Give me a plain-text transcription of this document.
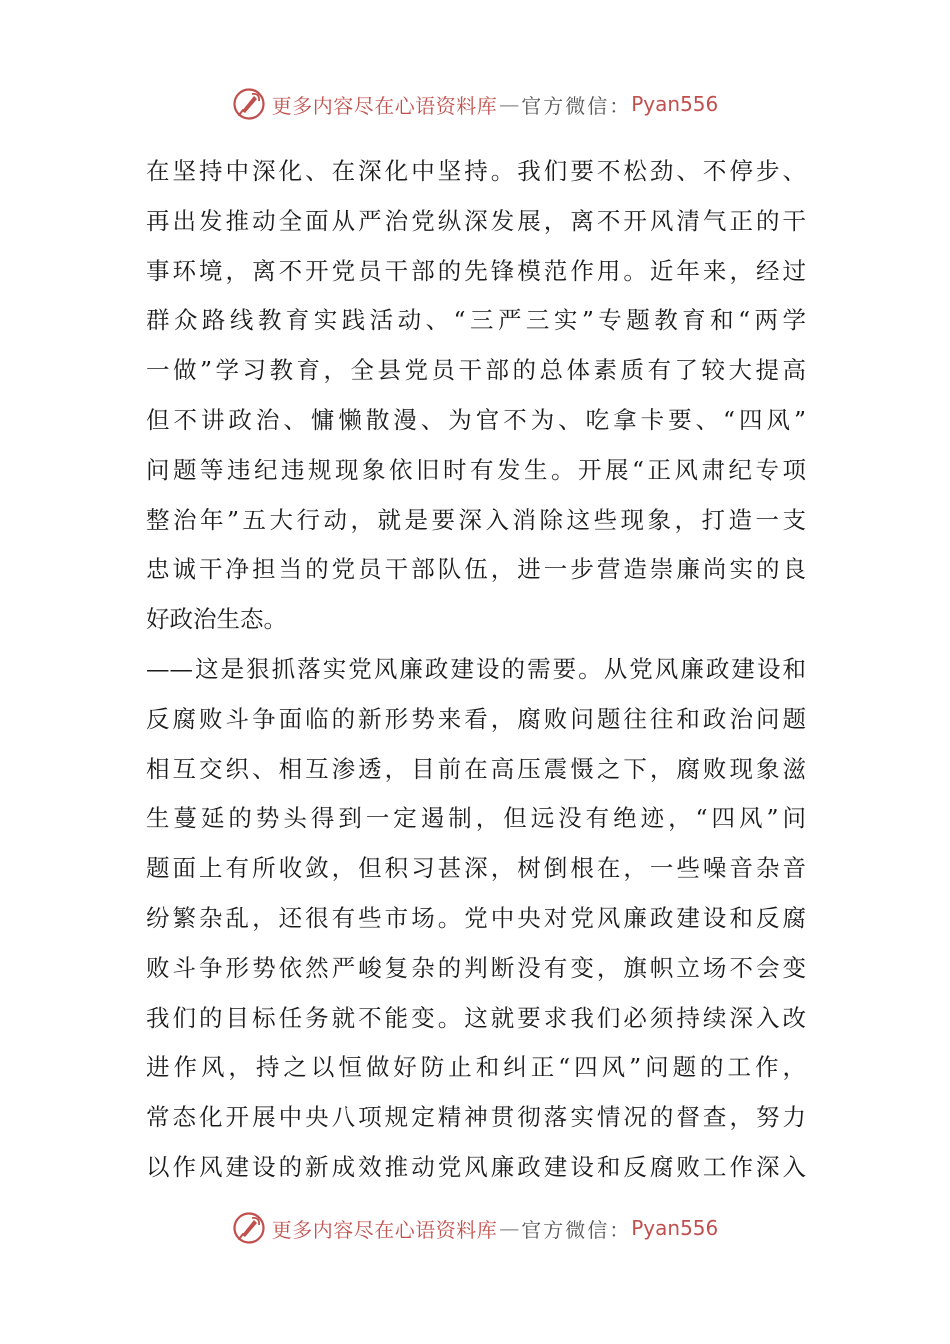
更多内容尽在心语资料库 — 官方微信： Pyan556
在坚持中深化、在深化中坚持。我们要不松劲、不停步、
再出发推动全面从严治党纵深发展，离不开风清气正的干
事环境，离不开党员干部的先锋模范作用。近年来，经过
群众路线教育实践活动、“三严三实”专题教育和“两学
一做”学习教育，全县党员干部的总体素质有了较大提高
但不讲政治、慵懒散漫、为官不为、吃拿卡要、“四风”
问题等违纪违规现象依旧时有发生。开展“正风肃纪专项
整治年”五大行动，就是要深入消除这些现象，打造一支
忠诚干净担当的党员干部队伍，进一步营造崇廉尚实的良
好政治生态。
——这是狠抓落实党风廉政建设的需要。从党风廉政建设和
反腐败斗争面临的新形势来看，腐败问题往往和政治问题
相互交织、相互渗透，目前在高压震慑之下，腐败现象滋
生蔓延的势头得到一定遏制，但远没有绝迹，“四风”问
题面上有所收敛，但积习甚深，树倒根在，一些噪音杂音
纷繁杂乱，还很有些市场。党中央对党风廉政建设和反腐
败斗争形势依然严峻复杂的判断没有变，旗帜立场不会变
我们的目标任务就不能变。这就要求我们必须持续深入改
进作风，持之以恒做好防止和纠正“四风”问题的工作，
常态化开展中央八项规定精神贯彻落实情况的督查，努力
以作风建设的新成效推动党风廉政建设和反腐败工作深入
更多内容尽在心语资料库 — 官方微信： Pyan556
